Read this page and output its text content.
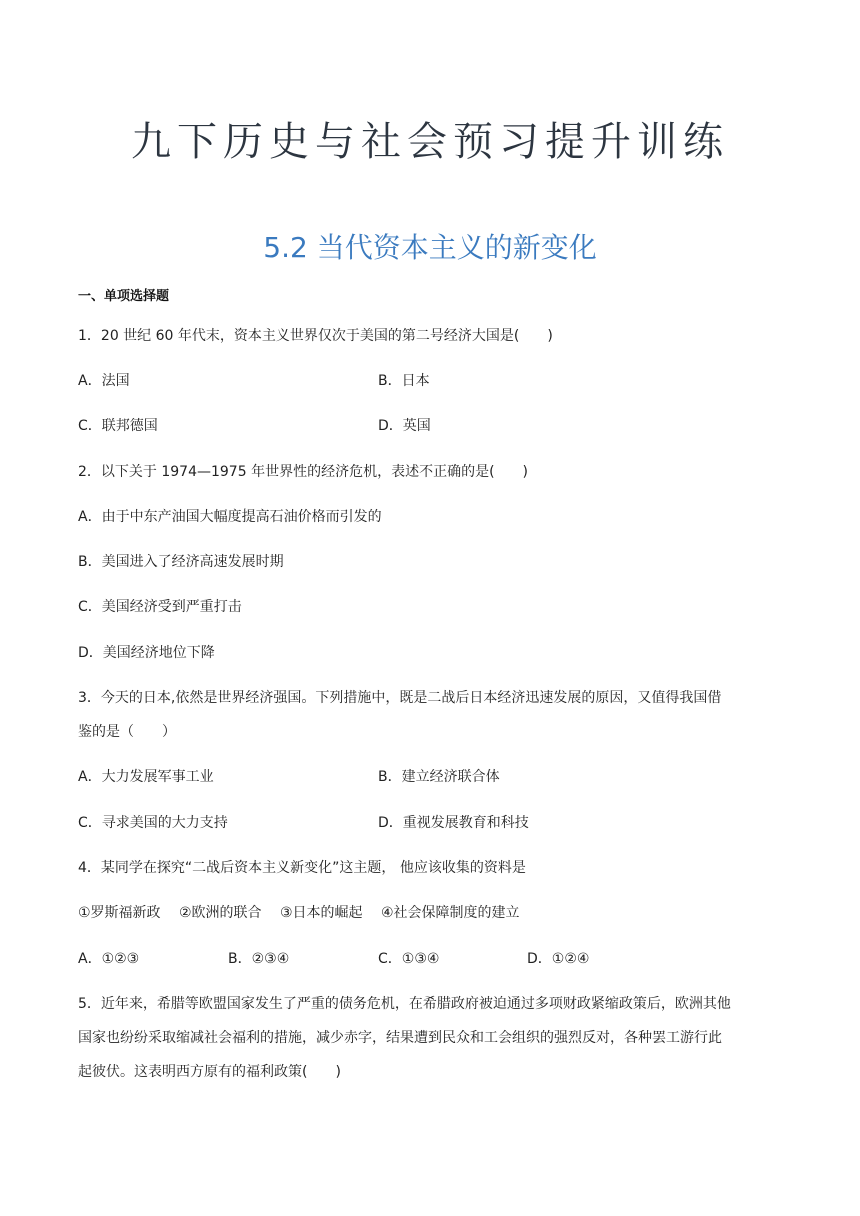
九下历史与社会预习提升训练
5.2 当代资本主义的新变化
一、单项选择题
1．20 世纪 60 年代末，资本主义世界仅次于美国的第二号经济大国是(　　)
A．法国	B．日本
C．联邦德国	D．英国
2．以下关于 1974—1975 年世界性的经济危机，表述不正确的是(　　)
A．由于中东产油国大幅度提高石油价格而引发的
B．美国进入了经济高速发展时期
C．美国经济受到严重打击
D．美国经济地位下降
3．今天的日本,依然是世界经济强国。下列措施中，既是二战后日本经济迅速发展的原因，又值得我国借
鉴的是（　　）
A．大力发展军事工业	B．建立经济联合体
C．寻求美国的大力支持	D．重视发展教育和科技
4．某同学在探究“二战后资本主义新变化”这主题， 他应该收集的资料是
①罗斯福新政　 ②欧洲的联合　 ③日本的崛起　 ④社会保障制度的建立
A．①②③	B．②③④	C．①③④	D．①②④
5．近年来，希腊等欧盟国家发生了严重的债务危机，在希腊政府被迫通过多项财政紧缩政策后，欧洲其他
国家也纷纷采取缩减社会福利的措施，减少赤字，结果遭到民众和工会组织的强烈反对，各种罢工游行此
起彼伏。这表明西方原有的福利政策(　　)
